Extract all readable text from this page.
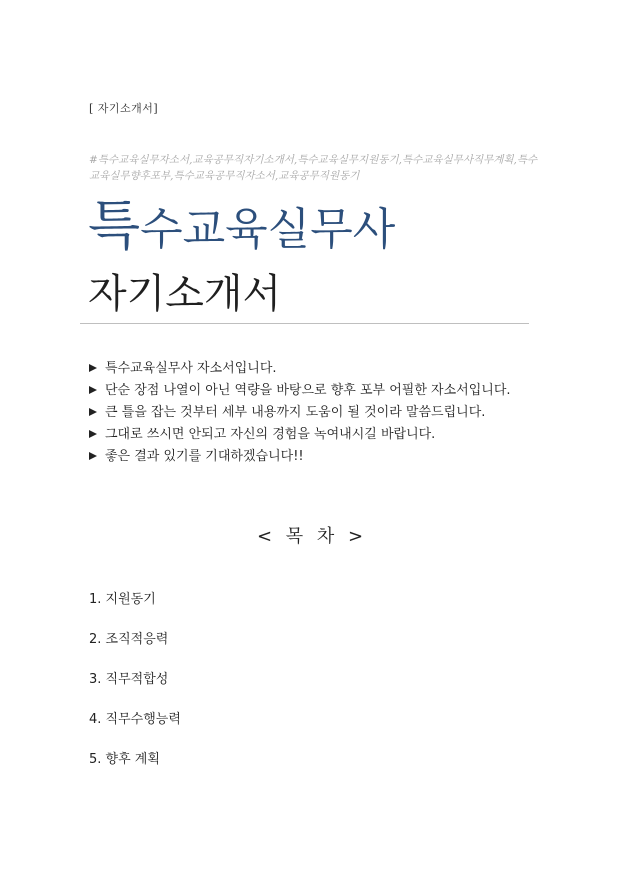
[ 자기소개서]
#특수교육실무자소서,교육공무직자기소개서,특수교육실무지원동기,특수교육실무사직무계획,특수교육실무향후포부,특수교육공무직자소서,교육공무직원동기
특수교육실무사
자기소개서
특수교육실무사 자소서입니다.
단순 장점 나열이 아닌 역량을 바탕으로 향후 포부 어필한 자소서입니다.
큰 틀을 잡는 것부터 세부 내용까지 도움이 될 것이라 말씀드립니다.
그대로 쓰시면 안되고 자신의 경험을 녹여내시길 바랍니다.
좋은 결과 있기를 기대하겠습니다!!
< 목 차 >
1. 지원동기
2. 조직적응력
3. 직무적합성
4. 직무수행능력
5. 향후 계획
